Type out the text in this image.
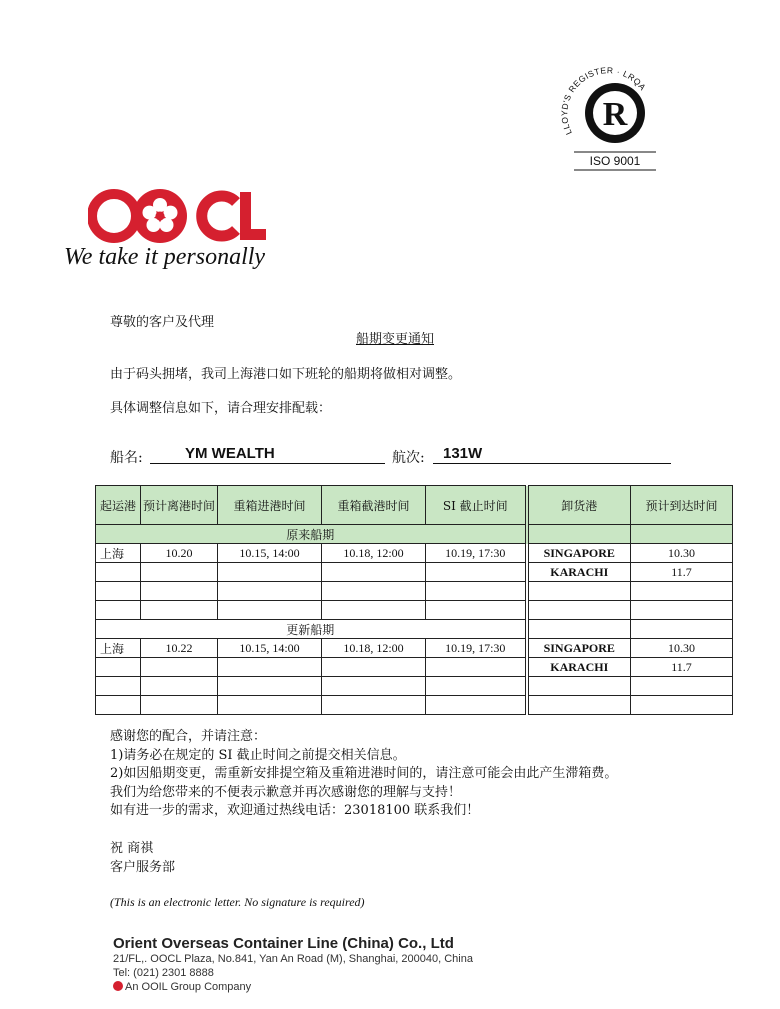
LLOYD'S REGISTER · LRQA
R
ISO 9001
We take it personally
尊敬的客户及代理
船期变更通知
由于码头拥堵，我司上海港口如下班轮的船期将做相对调整。
具体调整信息如下，请合理安排配载：
船名:	YM WEALTH	航次: 131W
起运港	预计离港时间	重箱进港时间	重箱截港时间	SI 截止时间	卸货港	预计到达时间
原来船期						
上海	10.20	10.15, 14:00	10.18, 12:00	10.19, 17:30	SINGAPORE	10.30
					KARACHI	11.7

更新船期						
上海	10.22	10.15, 14:00	10.18, 12:00	10.19, 17:30	SINGAPORE	10.30
					KARACHI	11.7

感谢您的配合，并请注意：
1)请务必在规定的 SI 截止时间之前提交相关信息。
2)如因船期变更，需重新安排提空箱及重箱进港时间的，请注意可能会由此产生滞箱费。
我们为给您带来的不便表示歉意并再次感谢您的理解与支持！
如有进一步的需求，欢迎通过热线电话：23018100 联系我们！
祝 商祺
客户服务部
(This is an electronic letter. No signature is required)
Orient Overseas Container Line (China) Co., Ltd
21/FL,. OOCL Plaza, No.841, Yan An Road (M), Shanghai, 200040, China
Tel: (021) 2301 8888
An OOIL Group Company
